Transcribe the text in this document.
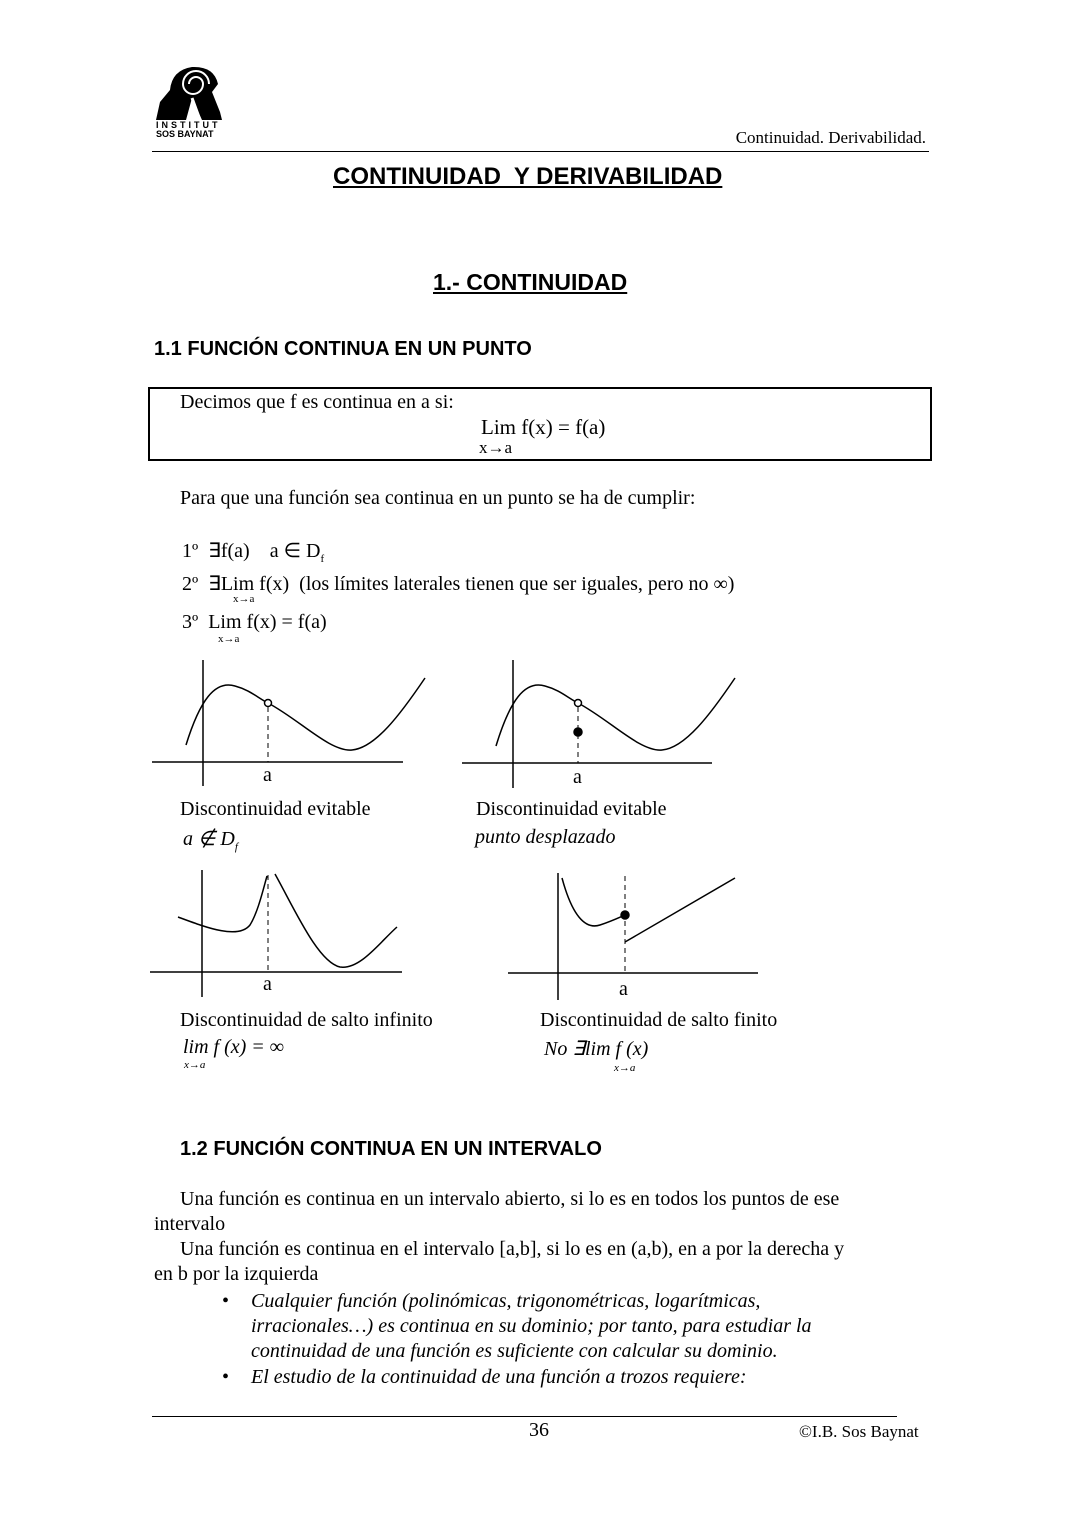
INSTITUT
SOS BAYNAT	Continuidad. Derivabilidad.
CONTINUIDAD  Y DERIVABILIDAD
1.- CONTINUIDAD
1.1 FUNCIÓN CONTINUA EN UN PUNTO
Decimos que f es continua en a si:
Lim f(x) = f(a)
x→a
Para que una función sea continua en un punto se ha de cumplir:
1º ∃f(a)    a ∈ $D_f$
2º ∃Lim f(x) (los límites laterales tienen que ser iguales, pero no ∞)
x→a
3º Lim f(x) = f(a)
x→a
a
Discontinuidad evitable
a ∉ $D_f$
a
Discontinuidad evitable
punto desplazado
a
Discontinuidad de salto infinito
lim f (x) = ∞
x→a
a
Discontinuidad de salto finito
No ∃lim f (x)
x→a
1.2 FUNCIÓN CONTINUA EN UN INTERVALO
Una función es continua en un intervalo abierto, si lo es en todos los puntos de ese
intervalo
Una función es continua en el intervalo [a,b], si lo es en (a,b), en a por la derecha y
en b por la izquierda
• Cualquier función (polinómicas, trigonométricas, logarítmicas,
irracionales…) es continua en su dominio; por tanto, para estudiar la
continuidad de una función es suficiente con calcular su dominio.
• El estudio de la continuidad de una función a trozos requiere:
36	©I.B. Sos Baynat
